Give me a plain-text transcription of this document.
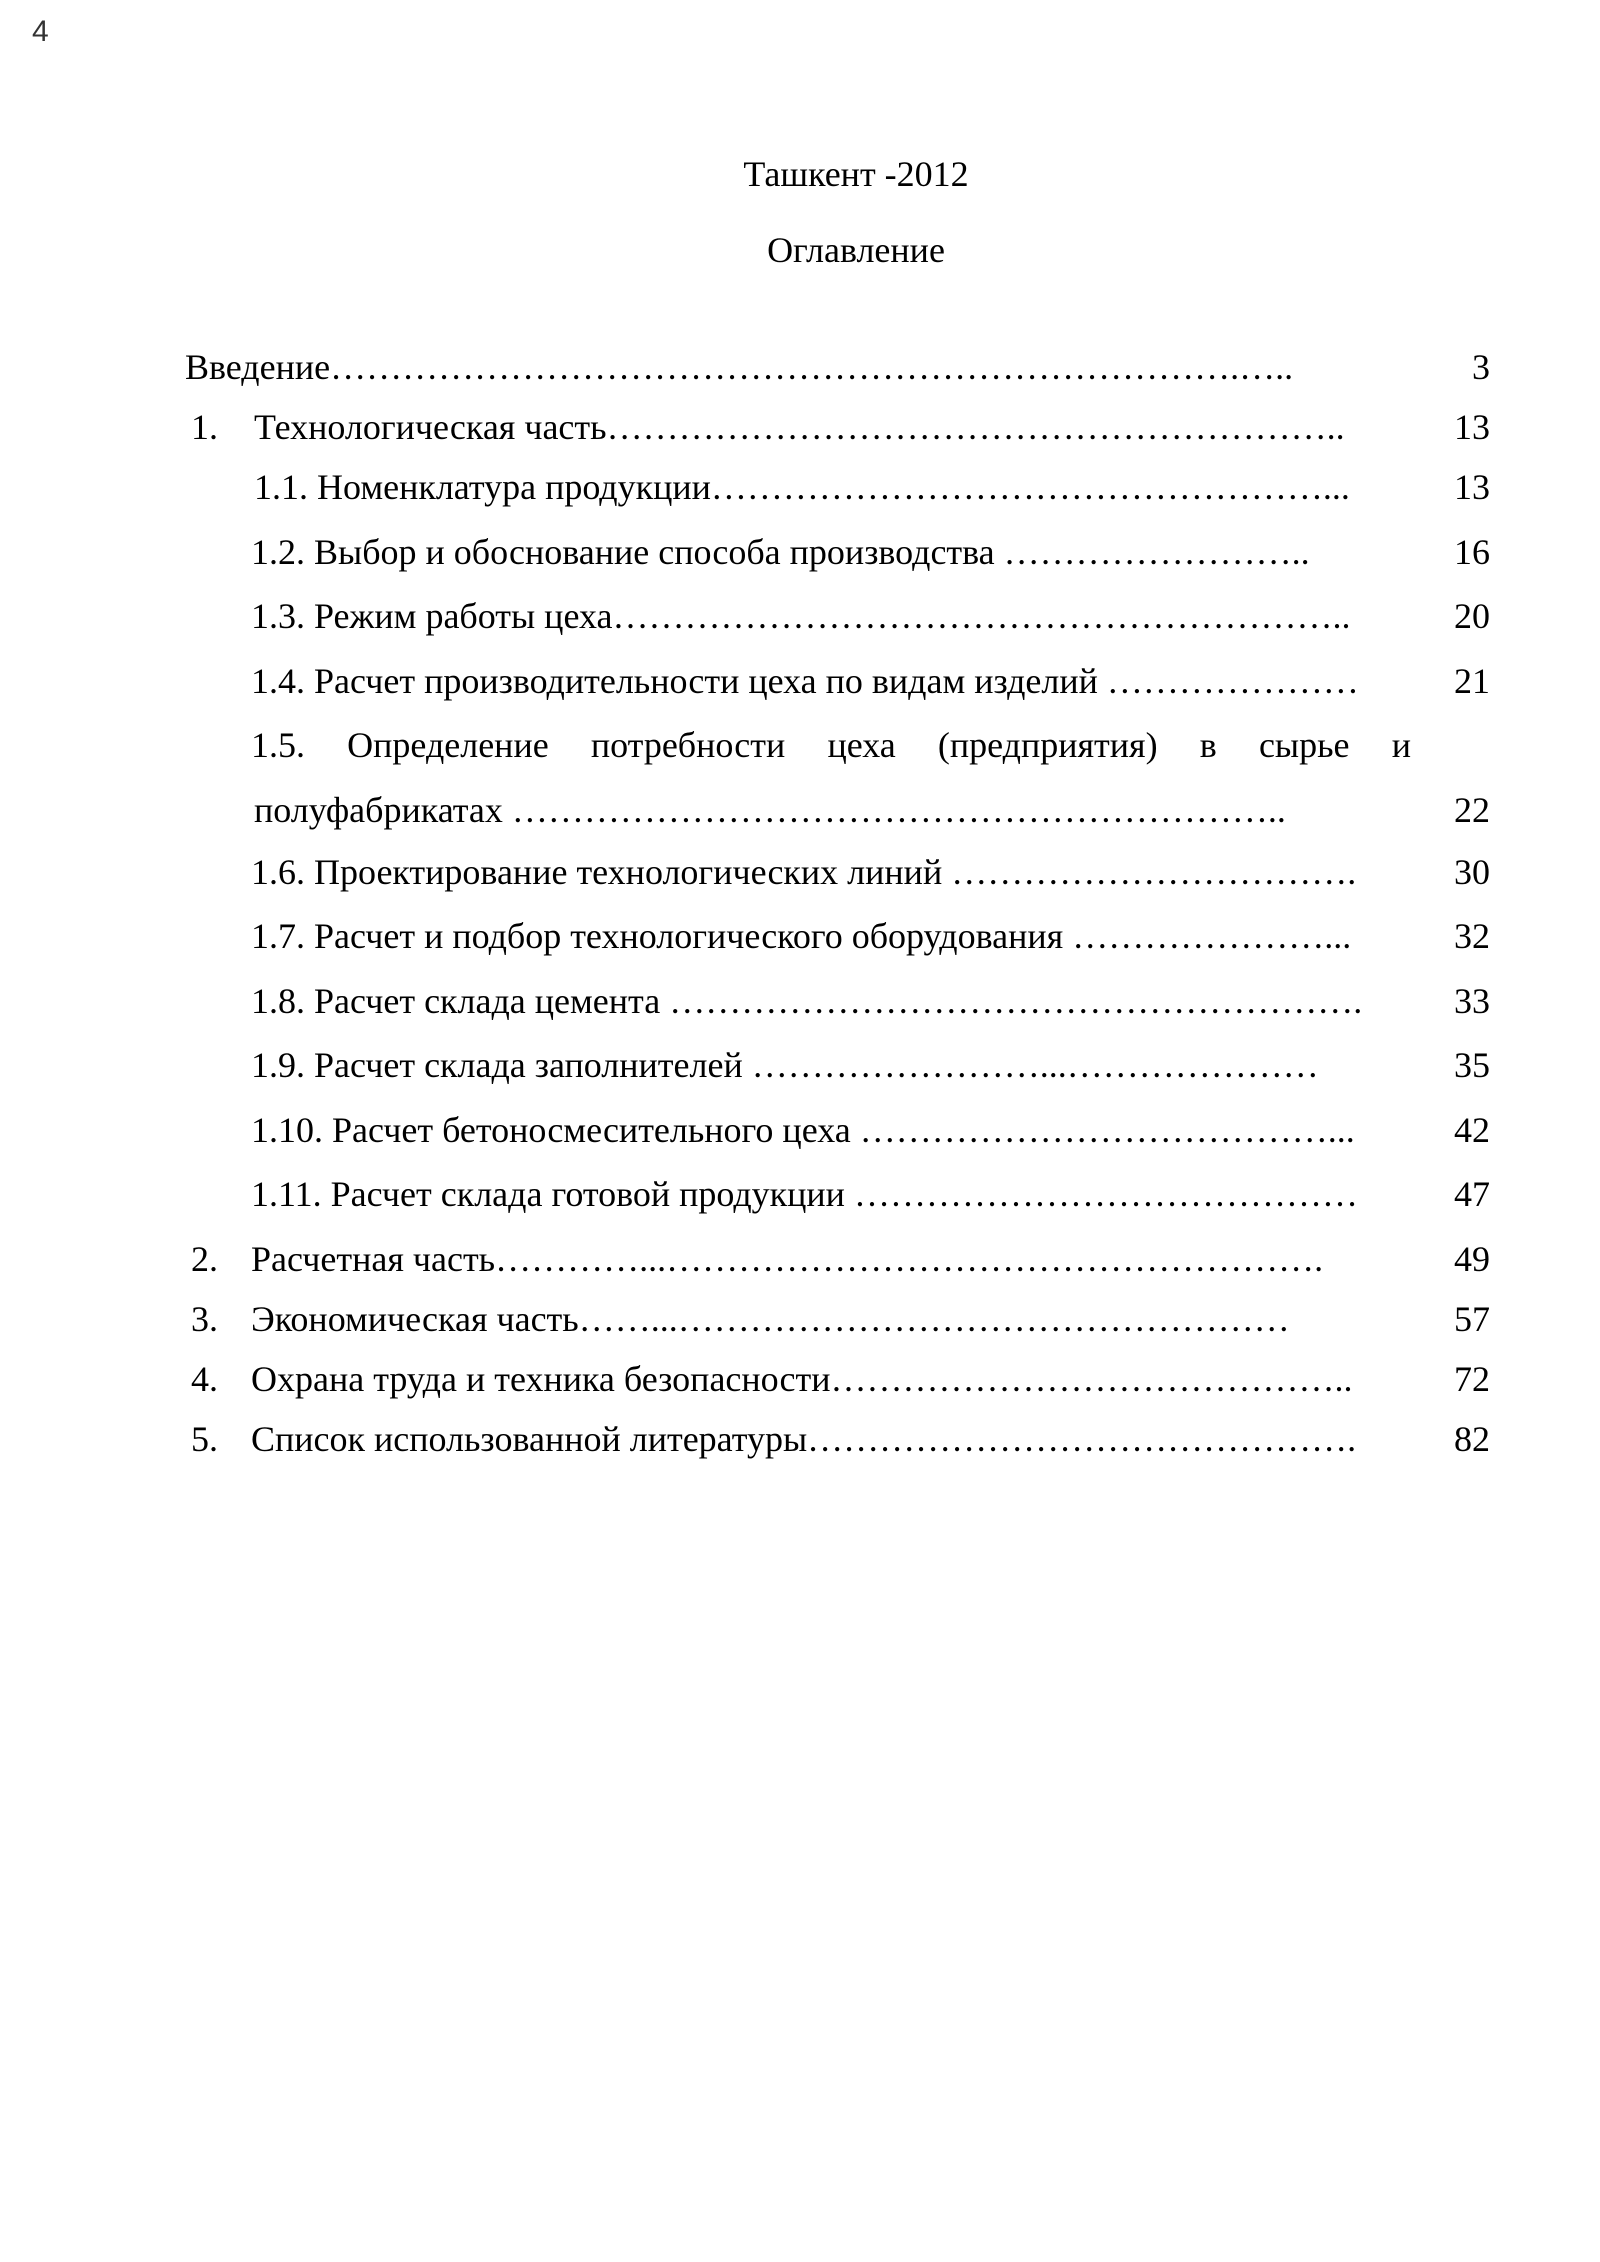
4
Ташкент -2012
Оглавление
Введение………………………………………………………………….…..	3
1. Технологическая часть……………………………………………………..	13
1.1. Номенклатура продукции……………………………………………...	13
1.2. Выбор и обоснование способа производства ……………………..	16
1.3. Режим работы цеха……………………………………………………..	20
1.4. Расчет производительности цеха по видам изделий …………………	21
1.5. Определение потребности цеха (предприятия) в сырье и
полуфабрикатах ………………………………………………………..	22
1.6. Проектирование технологических линий …………………………….	30
1.7. Расчет и подбор технологического оборудования …………………...	32
1.8. Расчет склада цемента ………………………………………………….	33
1.9. Расчет склада заполнителей ……………………...…………………	35
1.10. Расчет бетоносмесительного цеха …………………………………...	42
1.11. Расчет склада готовой продукции ……………………………………	47
2. Расчетная часть…………...……………………………………………….	49
3. Экономическая часть……...……………………………………………	57
4. Охрана труда и техника безопасности……………………………………..	72
5. Список использованной литературы……………………………………….	82
